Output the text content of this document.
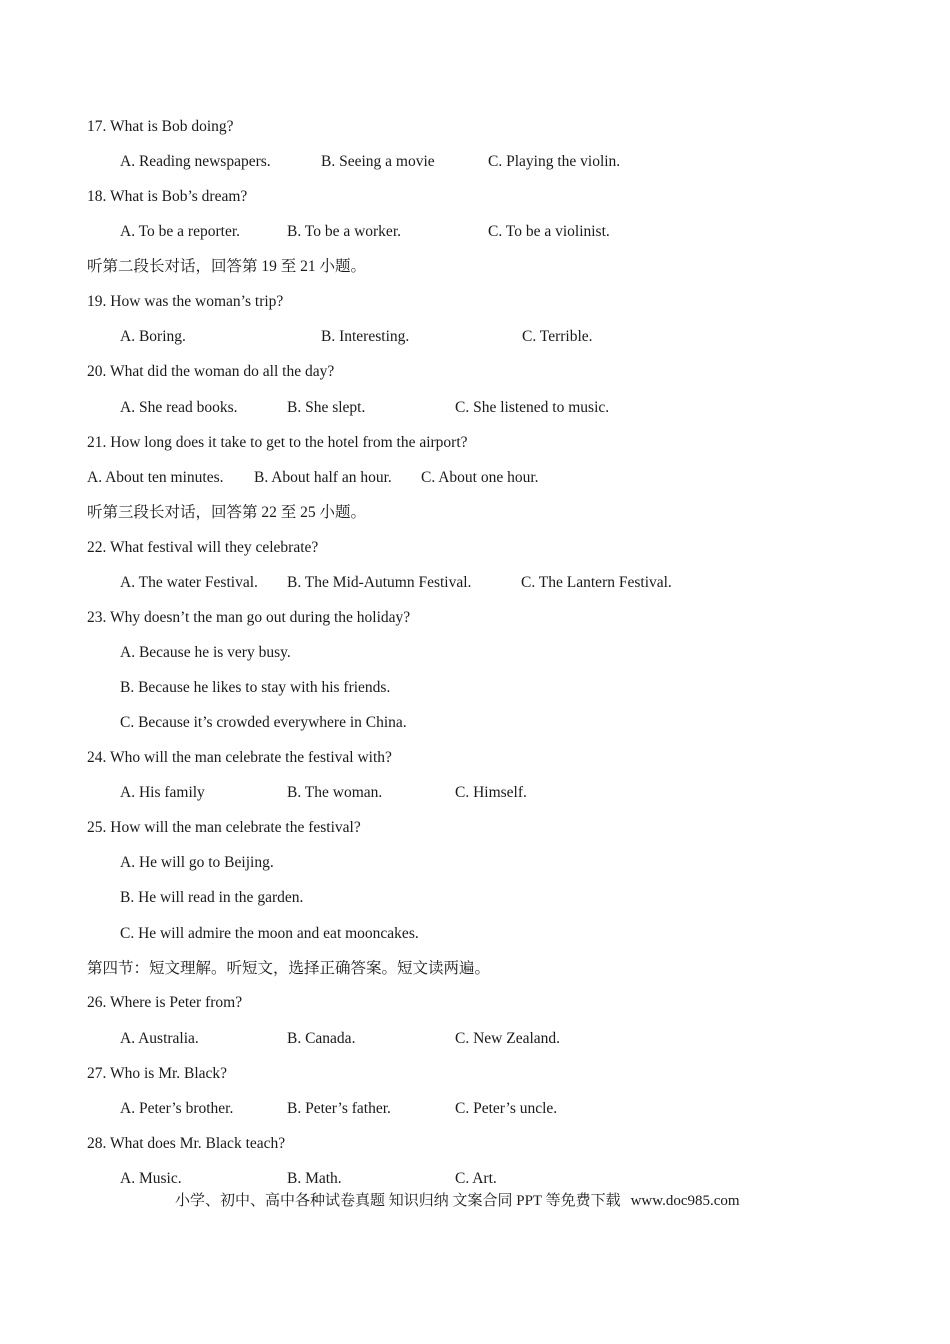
17. What is Bob doing?
A. Reading newspapers.	B. Seeing a movie	C. Playing the violin.
18. What is Bob’s dream?
A. To be a reporter.	B. To be a worker.	C. To be a violinist.
听第二段长对话，回答第 19 至 21 小题。
19. How was the woman’s trip?
A. Boring.	B. Interesting.	C. Terrible.
20. What did the woman do all the day?
A. She read books.	B. She slept.	C. She listened to music.
21. How long does it take to get to the hotel from the airport?
A. About ten minutes. B. About half an hour. C. About one hour.
听第三段长对话，回答第 22 至 25 小题。
22. What festival will they celebrate?
A. The water Festival. B. The Mid-Autumn Festival.	C. The Lantern Festival.
23. Why doesn’t the man go out during the holiday?
A. Because he is very busy.
B. Because he likes to stay with his friends.
C. Because it’s crowded everywhere in China.
24. Who will the man celebrate the festival with?
A. His family	B. The woman.	C. Himself.
25. How will the man celebrate the festival?
A. He will go to Beijing.
B. He will read in the garden.
C. He will admire the moon and eat mooncakes.
第四节：短文理解。听短文，选择正确答案。短文读两遍。
26. Where is Peter from?
A. Australia.	B. Canada.	C. New Zealand.
27. Who is Mr. Black?
A. Peter’s brother.	B. Peter’s father.	C. Peter’s uncle.
28. What does Mr. Black teach?
A. Music.	B. Math.	C. Art.
小学、初中、高中各种试卷真题 知识归纳 文案合同 PPT 等免费下载 www.doc985.com
